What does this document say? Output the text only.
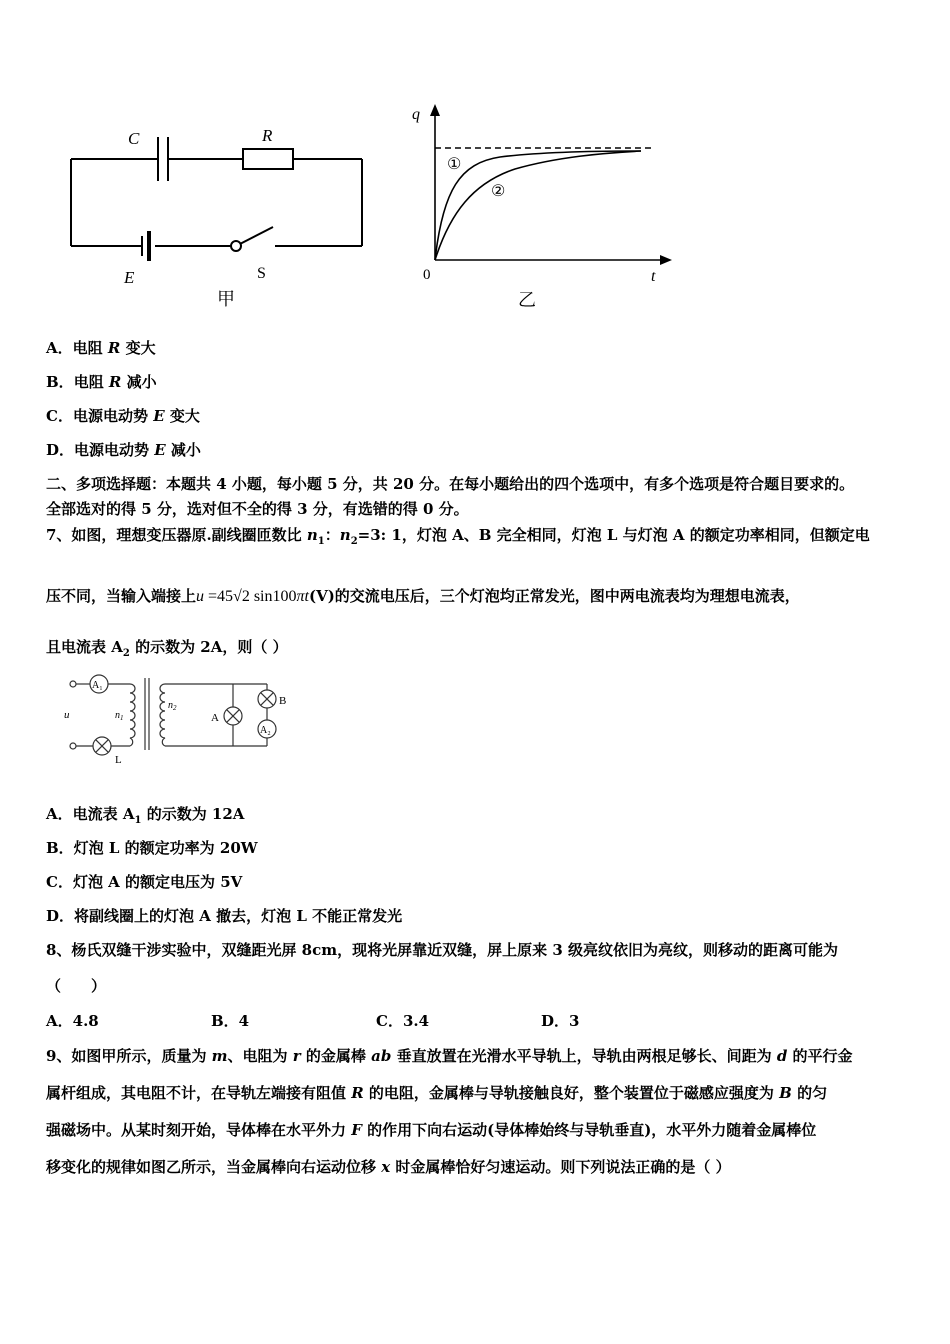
C	R
E	S
甲
q
t
0
①
②
乙
A．电阻 R 变大
B．电阻 R 减小
C．电源电动势 E 变大
D．电源电动势 E 减小
二、多项选择题：本题共 4 小题，每小题 5 分，共 20 分。在每小题给出的四个选项中，有多个选项是符合题目要求的。
全部选对的得 5 分，选对但不全的得 3 分，有选错的得 0 分。
7、如图，理想变压器原.副线圈匝数比 $n_1$：$n_2=3$: 1，灯泡 A、B 完全相同，灯泡 L 与灯泡 A 的额定功率相同，但额定电
压不同，当输入端接上u =45√2 sin100πt(V)的交流电压后，三个灯泡均正常发光，图中两电流表均为理想电流表，
且电流表 $A_2$ 的示数为 2A，则（ ）
A₁
A₂
u	$n_1$
$n_2$
A
B
L
A．电流表 $A_1$ 的示数为 12A
B．灯泡 L 的额定功率为 20W
C．灯泡 A 的额定电压为 5V
D．将副线圈上的灯泡 A 撤去，灯泡 L 不能正常发光
8、杨氏双缝干涉实验中，双缝距光屏 8cm，现将光屏靠近双缝，屏上原来 3 级亮纹依旧为亮纹，则移动的距离可能为
（　　）
A．4.8	B．4	C．3.4	D．3
9、如图甲所示，质量为 m、电阻为 r 的金属棒 ab 垂直放置在光滑水平导轨上，导轨由两根足够长、间距为 d 的平行金
属杆组成，其电阻不计，在导轨左端接有阻值 R 的电阻，金属棒与导轨接触良好，整个装置位于磁感应强度为 B 的匀
强磁场中。从某时刻开始，导体棒在水平外力 F 的作用下向右运动(导体棒始终与导轨垂直)，水平外力随着金属棒位
移变化的规律如图乙所示，当金属棒向右运动位移 x 时金属棒恰好匀速运动。则下列说法正确的是（ ）
